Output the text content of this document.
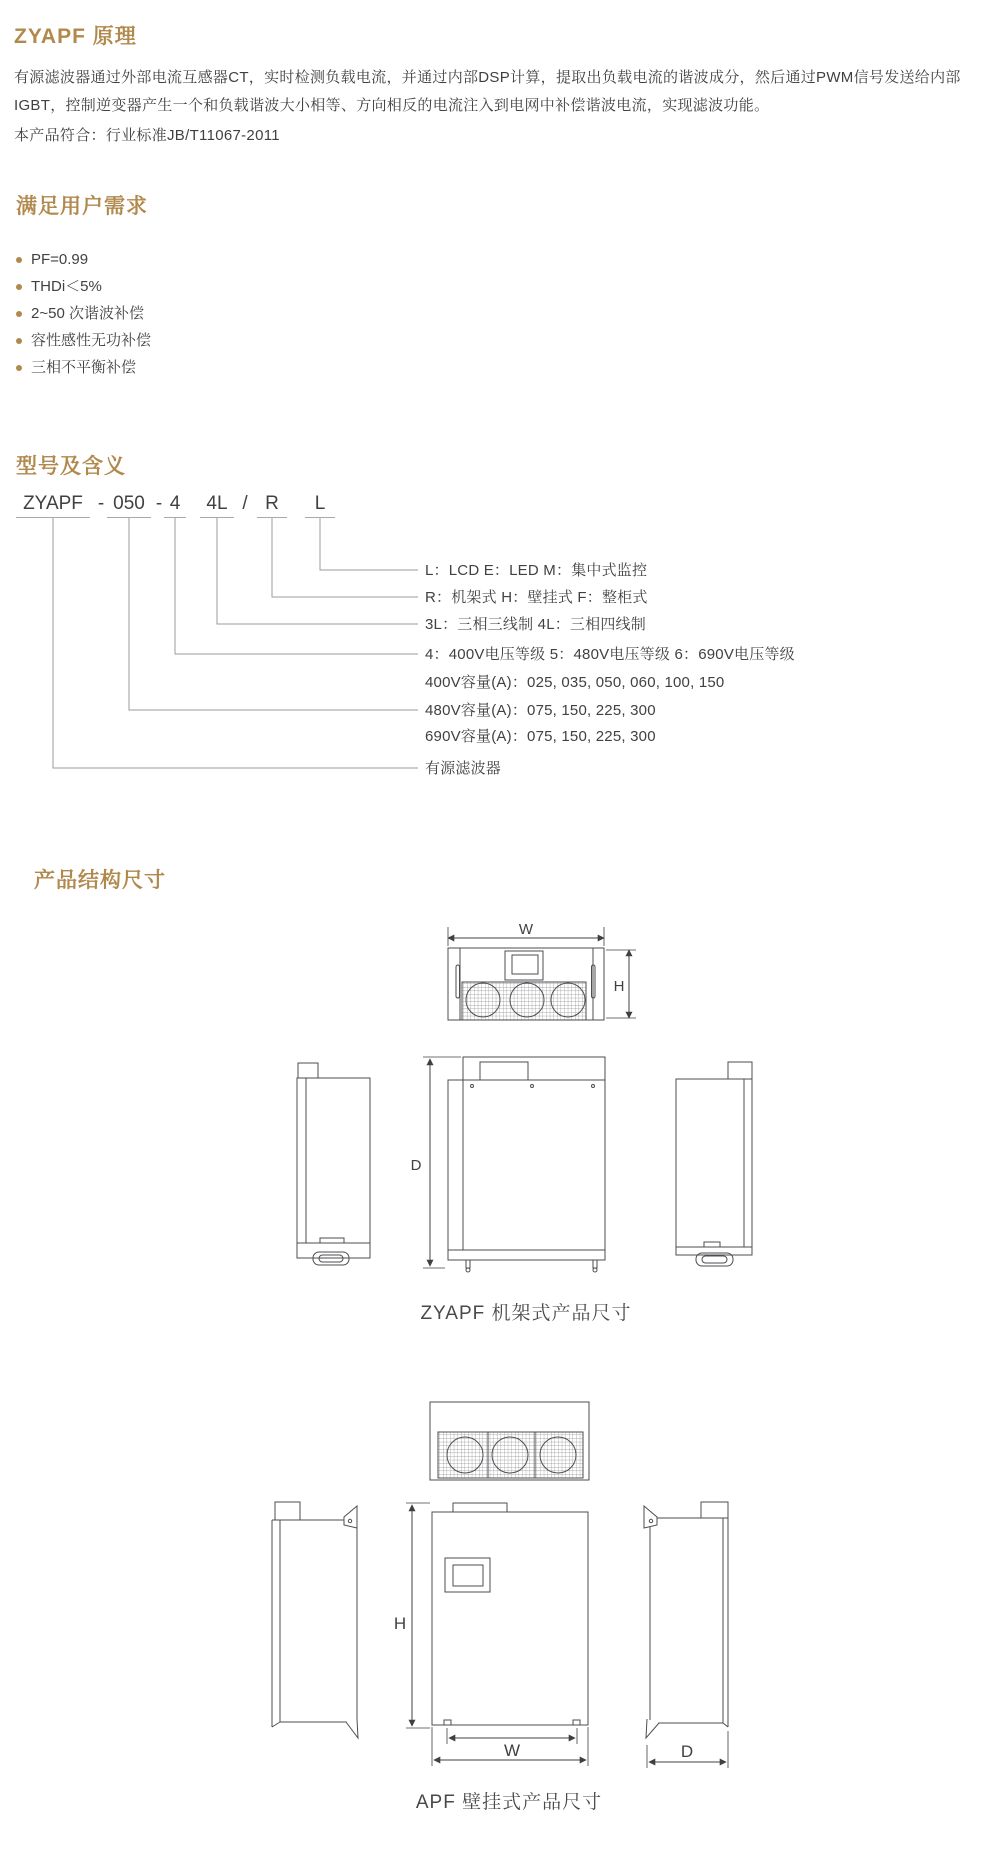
ZYAPF 原理
有源滤波器通过外部电流互感器CT，实时检测负载电流，并通过内部DSP计算，提取出负载电流的谐波成分，然后通过PWM信号发送给内部IGBT，控制逆变器产生一个和负载谐波大小相等、方向相反的电流注入到电网中补偿谐波电流，实现滤波功能。
本产品符合：行业标准JB/T11067-2011
满足用户需求
PF=0.99
THDi＜5%
2~50 次谐波补偿
容性感性无功补偿
三相不平衡补偿
型号及含义
ZYAPF - 050 - 4	4L / R	L
L：LCD E：LED M：集中式监控
R：机架式 H：壁挂式 F：整柜式
3L：三相三线制 4L：三相四线制
4：400V电压等级 5：480V电压等级 6：690V电压等级
400V容量(A)：025, 035, 050, 060, 100, 150
480V容量(A)：075, 150, 225, 300
690V容量(A)：075, 150, 225, 300
有源滤波器
产品结构尺寸
W
H
D
ZYAPF 机架式产品尺寸
H
W	D
APF 壁挂式产品尺寸
